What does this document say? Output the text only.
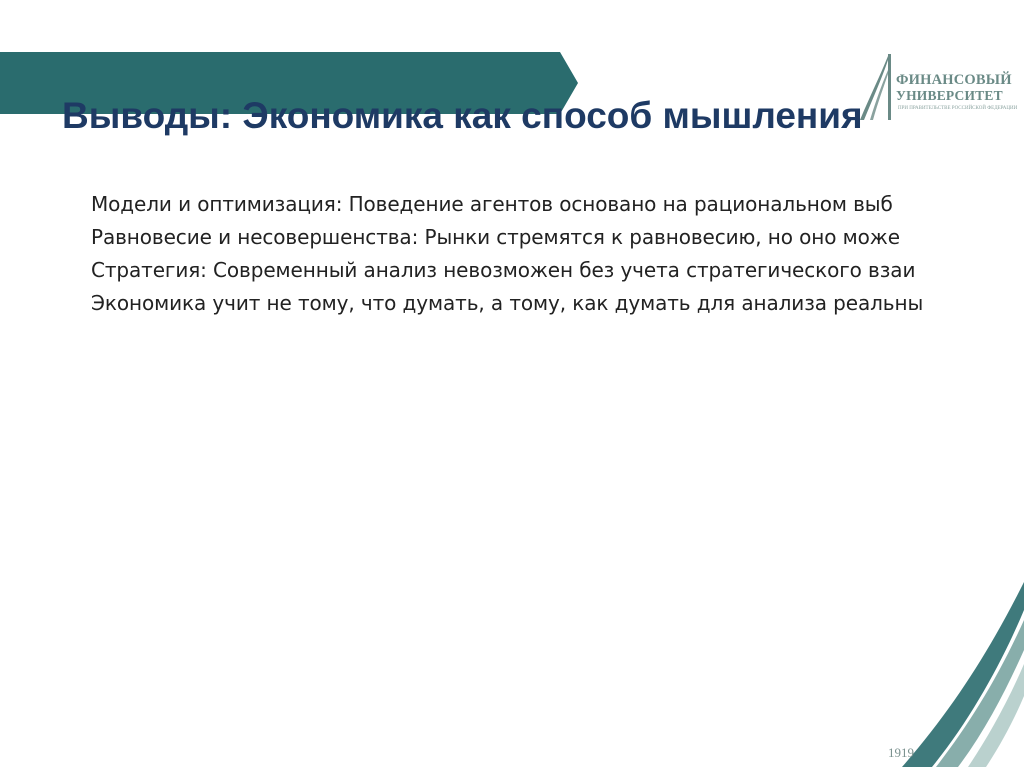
Выводы: Экономика как способ мышления
ФИНАНСОВЫЙ
УНИВЕРСИТЕТ
ПРИ ПРАВИТЕЛЬСТВЕ РОССИЙСКОЙ ФЕДЕРАЦИИ
Модели и оптимизация: Поведение агентов основано на рациональном выб
Равновесие и несовершенства: Рынки стремятся к равновесию, но оно може
Стратегия: Современный анализ невозможен без учета стратегического взаи
Экономика учит не тому, что думать, а тому, как думать для анализа реальны
1919
